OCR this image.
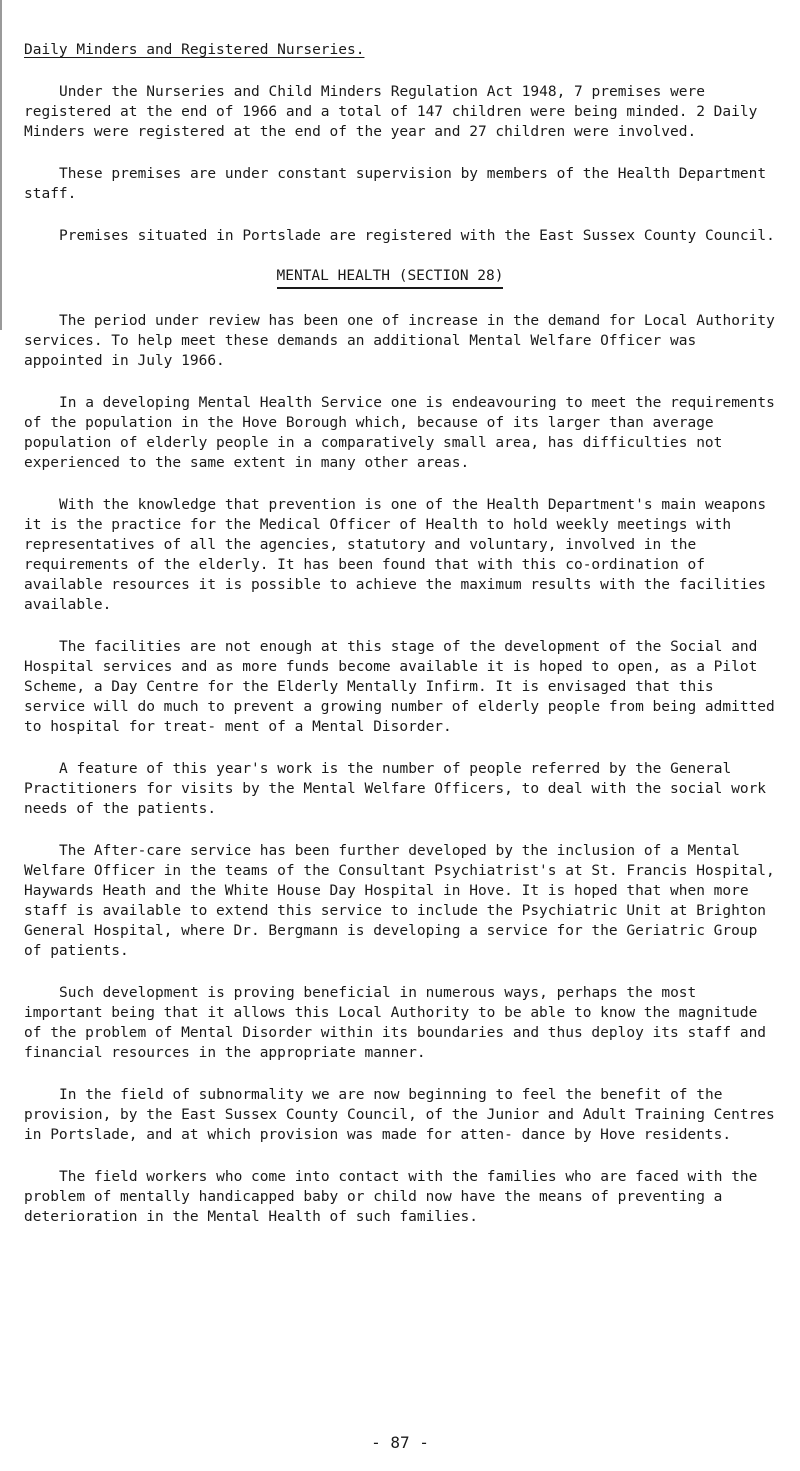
Daily Minders and Registered Nurseries.

Under the Nurseries and Child Minders Regulation Act 1948, 7 premises were registered at the end of 1966 and a total of 147 children were being minded. 2 Daily Minders were registered at the end of the year and 27 children were involved.

These premises are under constant supervision by members of the Health Department staff.

Premises situated in Portslade are registered with the East Sussex County Council.

MENTAL HEALTH (SECTION 28)

The period under review has been one of increase in the demand for Local Authority services. To help meet these demands an additional Mental Welfare Officer was appointed in July 1966.

In a developing Mental Health Service one is endeavouring to meet the requirements of the population in the Hove Borough which, because of its larger than average population of elderly people in a comparatively small area, has difficulties not experienced to the same extent in many other areas.

With the knowledge that prevention is one of the Health Department's main weapons it is the practice for the Medical Officer of Health to hold weekly meetings with representatives of all the agencies, statutory and voluntary, involved in the requirements of the elderly. It has been found that with this co-ordination of available resources it is possible to achieve the maximum results with the facilities available.

The facilities are not enough at this stage of the development of the Social and Hospital services and as more funds become available it is hoped to open, as a Pilot Scheme, a Day Centre for the Elderly Mentally Infirm. It is envisaged that this service will do much to prevent a growing number of elderly people from being admitted to hospital for treat- ment of a Mental Disorder.

A feature of this year's work is the number of people referred by the General Practitioners for visits by the Mental Welfare Officers, to deal with the social work needs of the patients.

The After-care service has been further developed by the inclusion of a Mental Welfare Officer in the teams of the Consultant Psychiatrist's at St. Francis Hospital, Haywards Heath and the White House Day Hospital in Hove. It is hoped that when more staff is available to extend this service to include the Psychiatric Unit at Brighton General Hospital, where Dr. Bergmann is developing a service for the Geriatric Group of patients.

Such development is proving beneficial in numerous ways, perhaps the most important being that it allows this Local Authority to be able to know the magnitude of the problem of Mental Disorder within its boundaries and thus deploy its staff and financial resources in the appropriate manner.

In the field of subnormality we are now beginning to feel the benefit of the provision, by the East Sussex County Council, of the Junior and Adult Training Centres in Portslade, and at which provision was made for atten- dance by Hove residents.

The field workers who come into contact with the families who are faced with the problem of mentally handicapped baby or child now have the means of preventing a deterioration in the Mental Health of such families.

- 87 -
